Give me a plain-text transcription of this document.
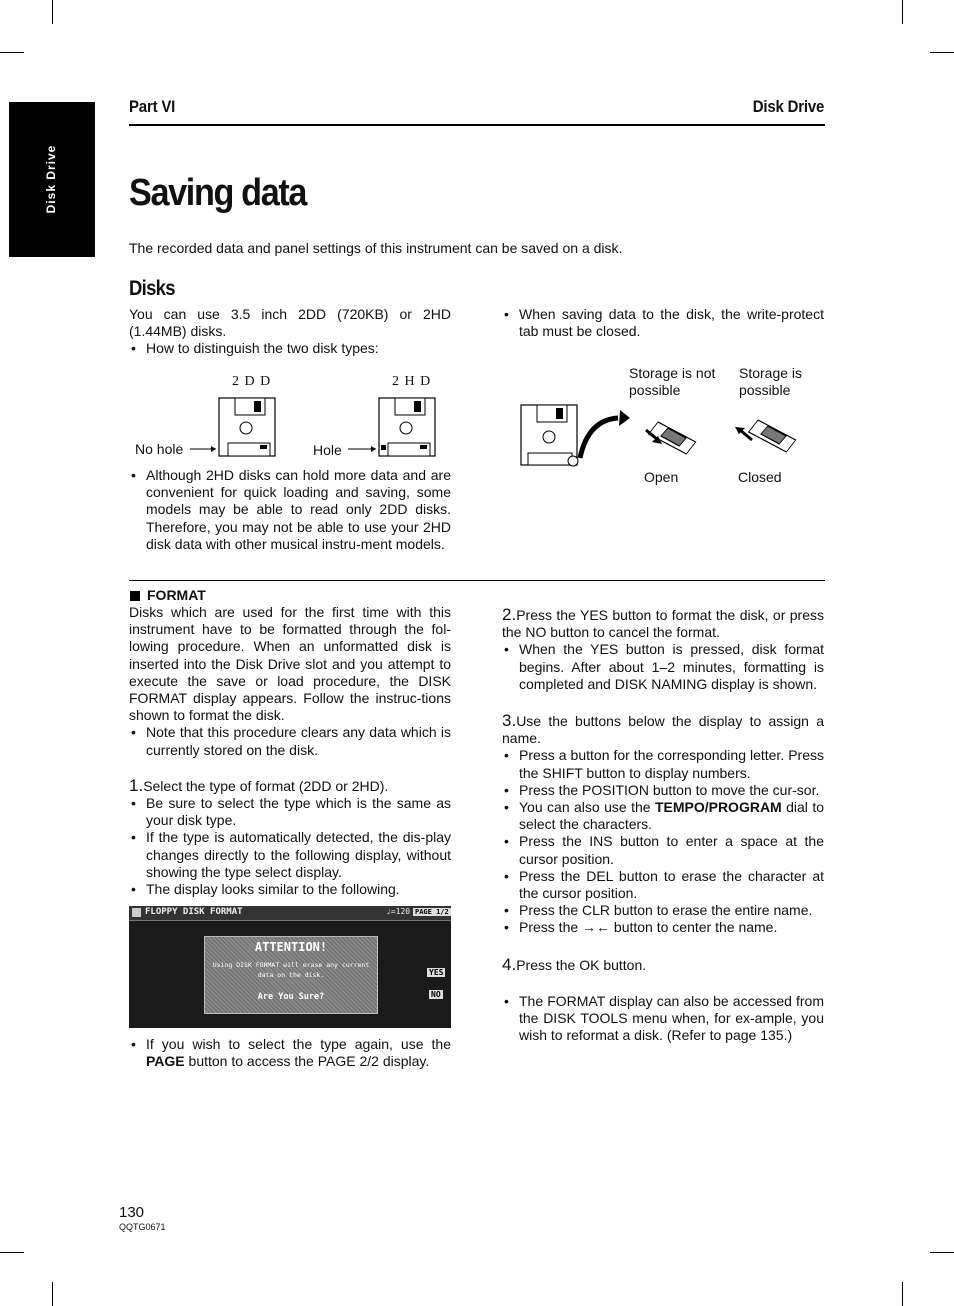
Disk Drive
Part VI	Disk Drive
Saving data
The recorded data and panel settings of this instrument can be saved on a disk.
Disks
You can use 3.5 inch 2DD (720KB) or 2HD (1.44MB) disks.
• How to distinguish the two disk types:
2 D D	2 H D
No hole	Hole
• Although 2HD disks can hold more data and are convenient for quick loading and saving, some models may be able to read only 2DD disks. Therefore, you may not be able to use your 2HD disk data with other musical instru-ment models.
• When saving data to the disk, the write-protect tab must be closed.
Storage is not possible
Storage is possible
Open	Closed
FORMAT
Disks which are used for the first time with this instrument have to be formatted through the fol-lowing procedure. When an unformatted disk is inserted into the Disk Drive slot and you attempt to execute the save or load procedure, the DISK FORMAT display appears. Follow the instruc-tions shown to format the disk.
• Note that this procedure clears any data which is currently stored on the disk.
1.Select the type of format (2DD or 2HD).
• Be sure to select the type which is the same as your disk type.
• If the type is automatically detected, the dis-play changes directly to the following display, without showing the type select display.
• The display looks similar to the following.
FLOPPY DISK FORMAT	♩=120 PAGE 1/2
ATTENTION!
Using DISK FORMAT will erase any current
data on the disk.
Are You Sure?
YES
NO
• If you wish to select the type again, use the PAGE button to access the PAGE 2/2 display.
2.Press the YES button to format the disk, or press the NO button to cancel the format.
• When the YES button is pressed, disk format begins. After about 1–2 minutes, formatting is completed and DISK NAMING display is shown.
3.Use the buttons below the display to assign a name.
• Press a button for the corresponding letter. Press the SHIFT button to display numbers.
• Press the POSITION button to move the cur-sor.
• You can also use the TEMPO/PROGRAM dial to select the characters.
• Press the INS button to enter a space at the cursor position.
• Press the DEL button to erase the character at the cursor position.
• Press the CLR button to erase the entire name.
• Press the →← button to center the name.
4.Press the OK button.
• The FORMAT display can also be accessed from the DISK TOOLS menu when, for ex-ample, you wish to reformat a disk. (Refer to page 135.)
130
QQTG0671
